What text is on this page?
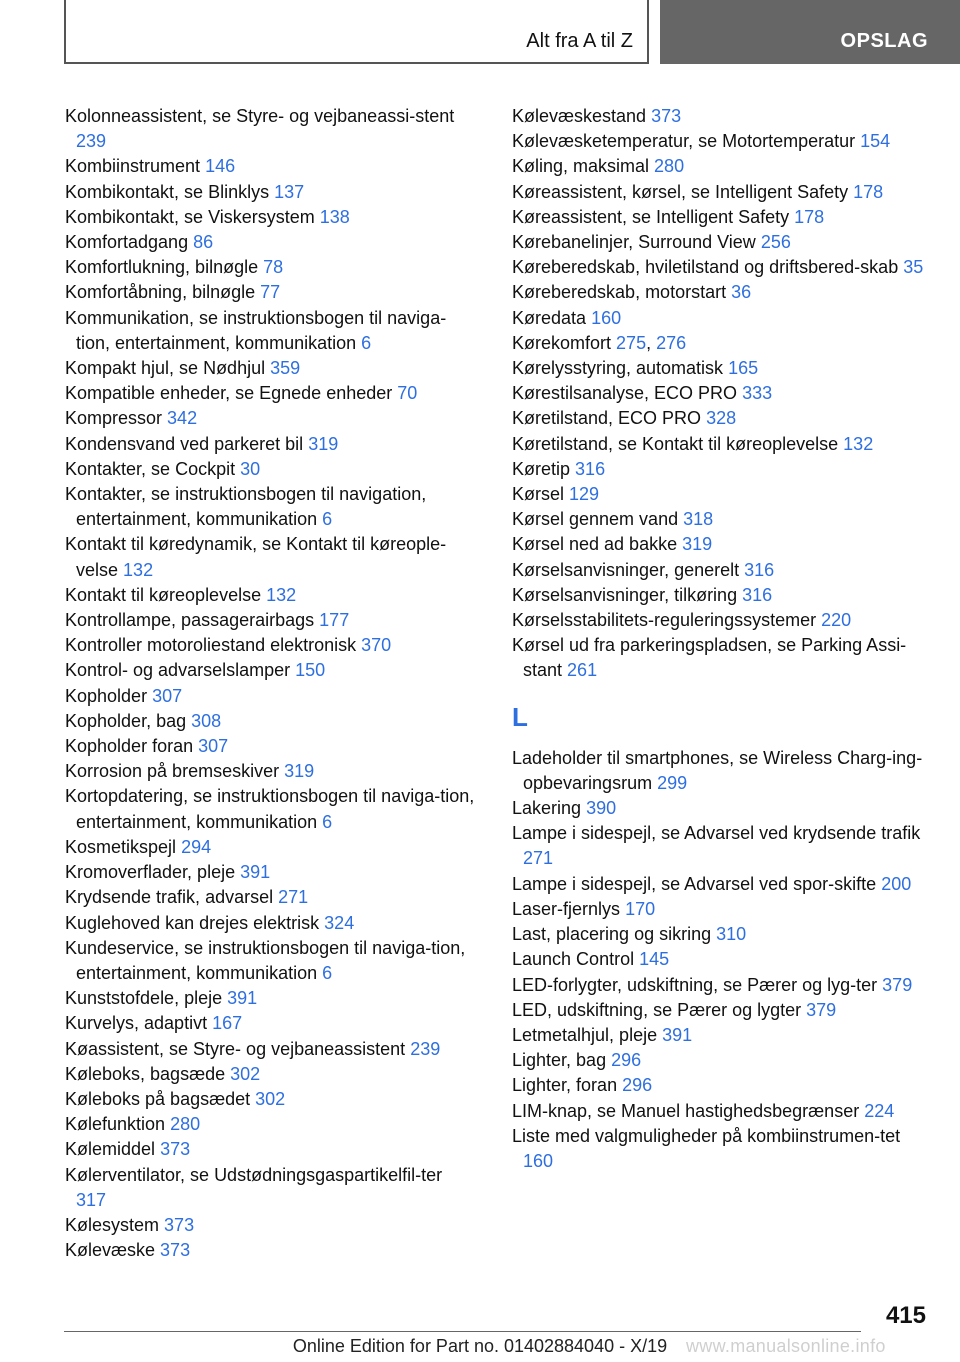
Alt fra A til Z	OPSLAG
Kolonneassistent, se Styre- og vejbaneassi-stent 239
Kombiinstrument 146
Kombikontakt, se Blinklys 137
Kombikontakt, se Viskersystem 138
Komfortadgang 86
Komfortlukning, bilnøgle 78
Komfortåbning, bilnøgle 77
Kommunikation, se instruktionsbogen til naviga-tion, entertainment, kommunikation 6
Kompakt hjul, se Nødhjul 359
Kompatible enheder, se Egnede enheder 70
Kompressor 342
Kondensvand ved parkeret bil 319
Kontakter, se Cockpit 30
Kontakter, se instruktionsbogen til navigation, entertainment, kommunikation 6
Kontakt til køredynamik, se Kontakt til køreople-velse 132
Kontakt til køreoplevelse 132
Kontrollampe, passagerairbags 177
Kontroller motoroliestand elektronisk 370
Kontrol- og advarselslamper 150
Kopholder 307
Kopholder, bag 308
Kopholder foran 307
Korrosion på bremseskiver 319
Kortopdatering, se instruktionsbogen til naviga-tion, entertainment, kommunikation 6
Kosmetikspejl 294
Kromoverflader, pleje 391
Krydsende trafik, advarsel 271
Kuglehoved kan drejes elektrisk 324
Kundeservice, se instruktionsbogen til naviga-tion, entertainment, kommunikation 6
Kunststofdele, pleje 391
Kurvelys, adaptivt 167
Køassistent, se Styre- og vejbaneassistent 239
Køleboks, bagsæde 302
Køleboks på bagsædet 302
Kølefunktion 280
Kølemiddel 373
Kølerventilator, se Udstødningsgaspartikelfil-ter 317
Kølesystem 373
Kølevæske 373
Kølevæskestand 373
Kølevæsketemperatur, se Motortemperatur 154
Køling, maksimal 280
Køreassistent, kørsel, se Intelligent Safety 178
Køreassistent, se Intelligent Safety 178
Kørebanelinjer, Surround View 256
Køreberedskab, hviletilstand og driftsbered-skab 35
Køreberedskab, motorstart 36
Køredata 160
Kørekomfort 275, 276
Kørelysstyring, automatisk 165
Kørestilsanalyse, ECO PRO 333
Køretilstand, ECO PRO 328
Køretilstand, se Kontakt til køreoplevelse 132
Køretip 316
Kørsel 129
Kørsel gennem vand 318
Kørsel ned ad bakke 319
Kørselsanvisninger, generelt 316
Kørselsanvisninger, tilkøring 316
Kørselsstabilitets-reguleringssystemer 220
Kørsel ud fra parkeringspladsen, se Parking Assi-stant 261
L
Ladeholder til smartphones, se Wireless Charg-ing-opbevaringsrum 299
Lakering 390
Lampe i sidespejl, se Advarsel ved krydsende trafik 271
Lampe i sidespejl, se Advarsel ved spor-skifte 200
Laser-fjernlys 170
Last, placering og sikring 310
Launch Control 145
LED-forlygter, udskiftning, se Pærer og lyg-ter 379
LED, udskiftning, se Pærer og lygter 379
Letmetalhjul, pleje 391
Lighter, bag 296
Lighter, foran 296
LIM-knap, se Manuel hastighedsbegrænser 224
Liste med valgmuligheder på kombiinstrumen-tet 160
415
Online Edition for Part no. 01402884040 - X/19	www.manualsonline.info
